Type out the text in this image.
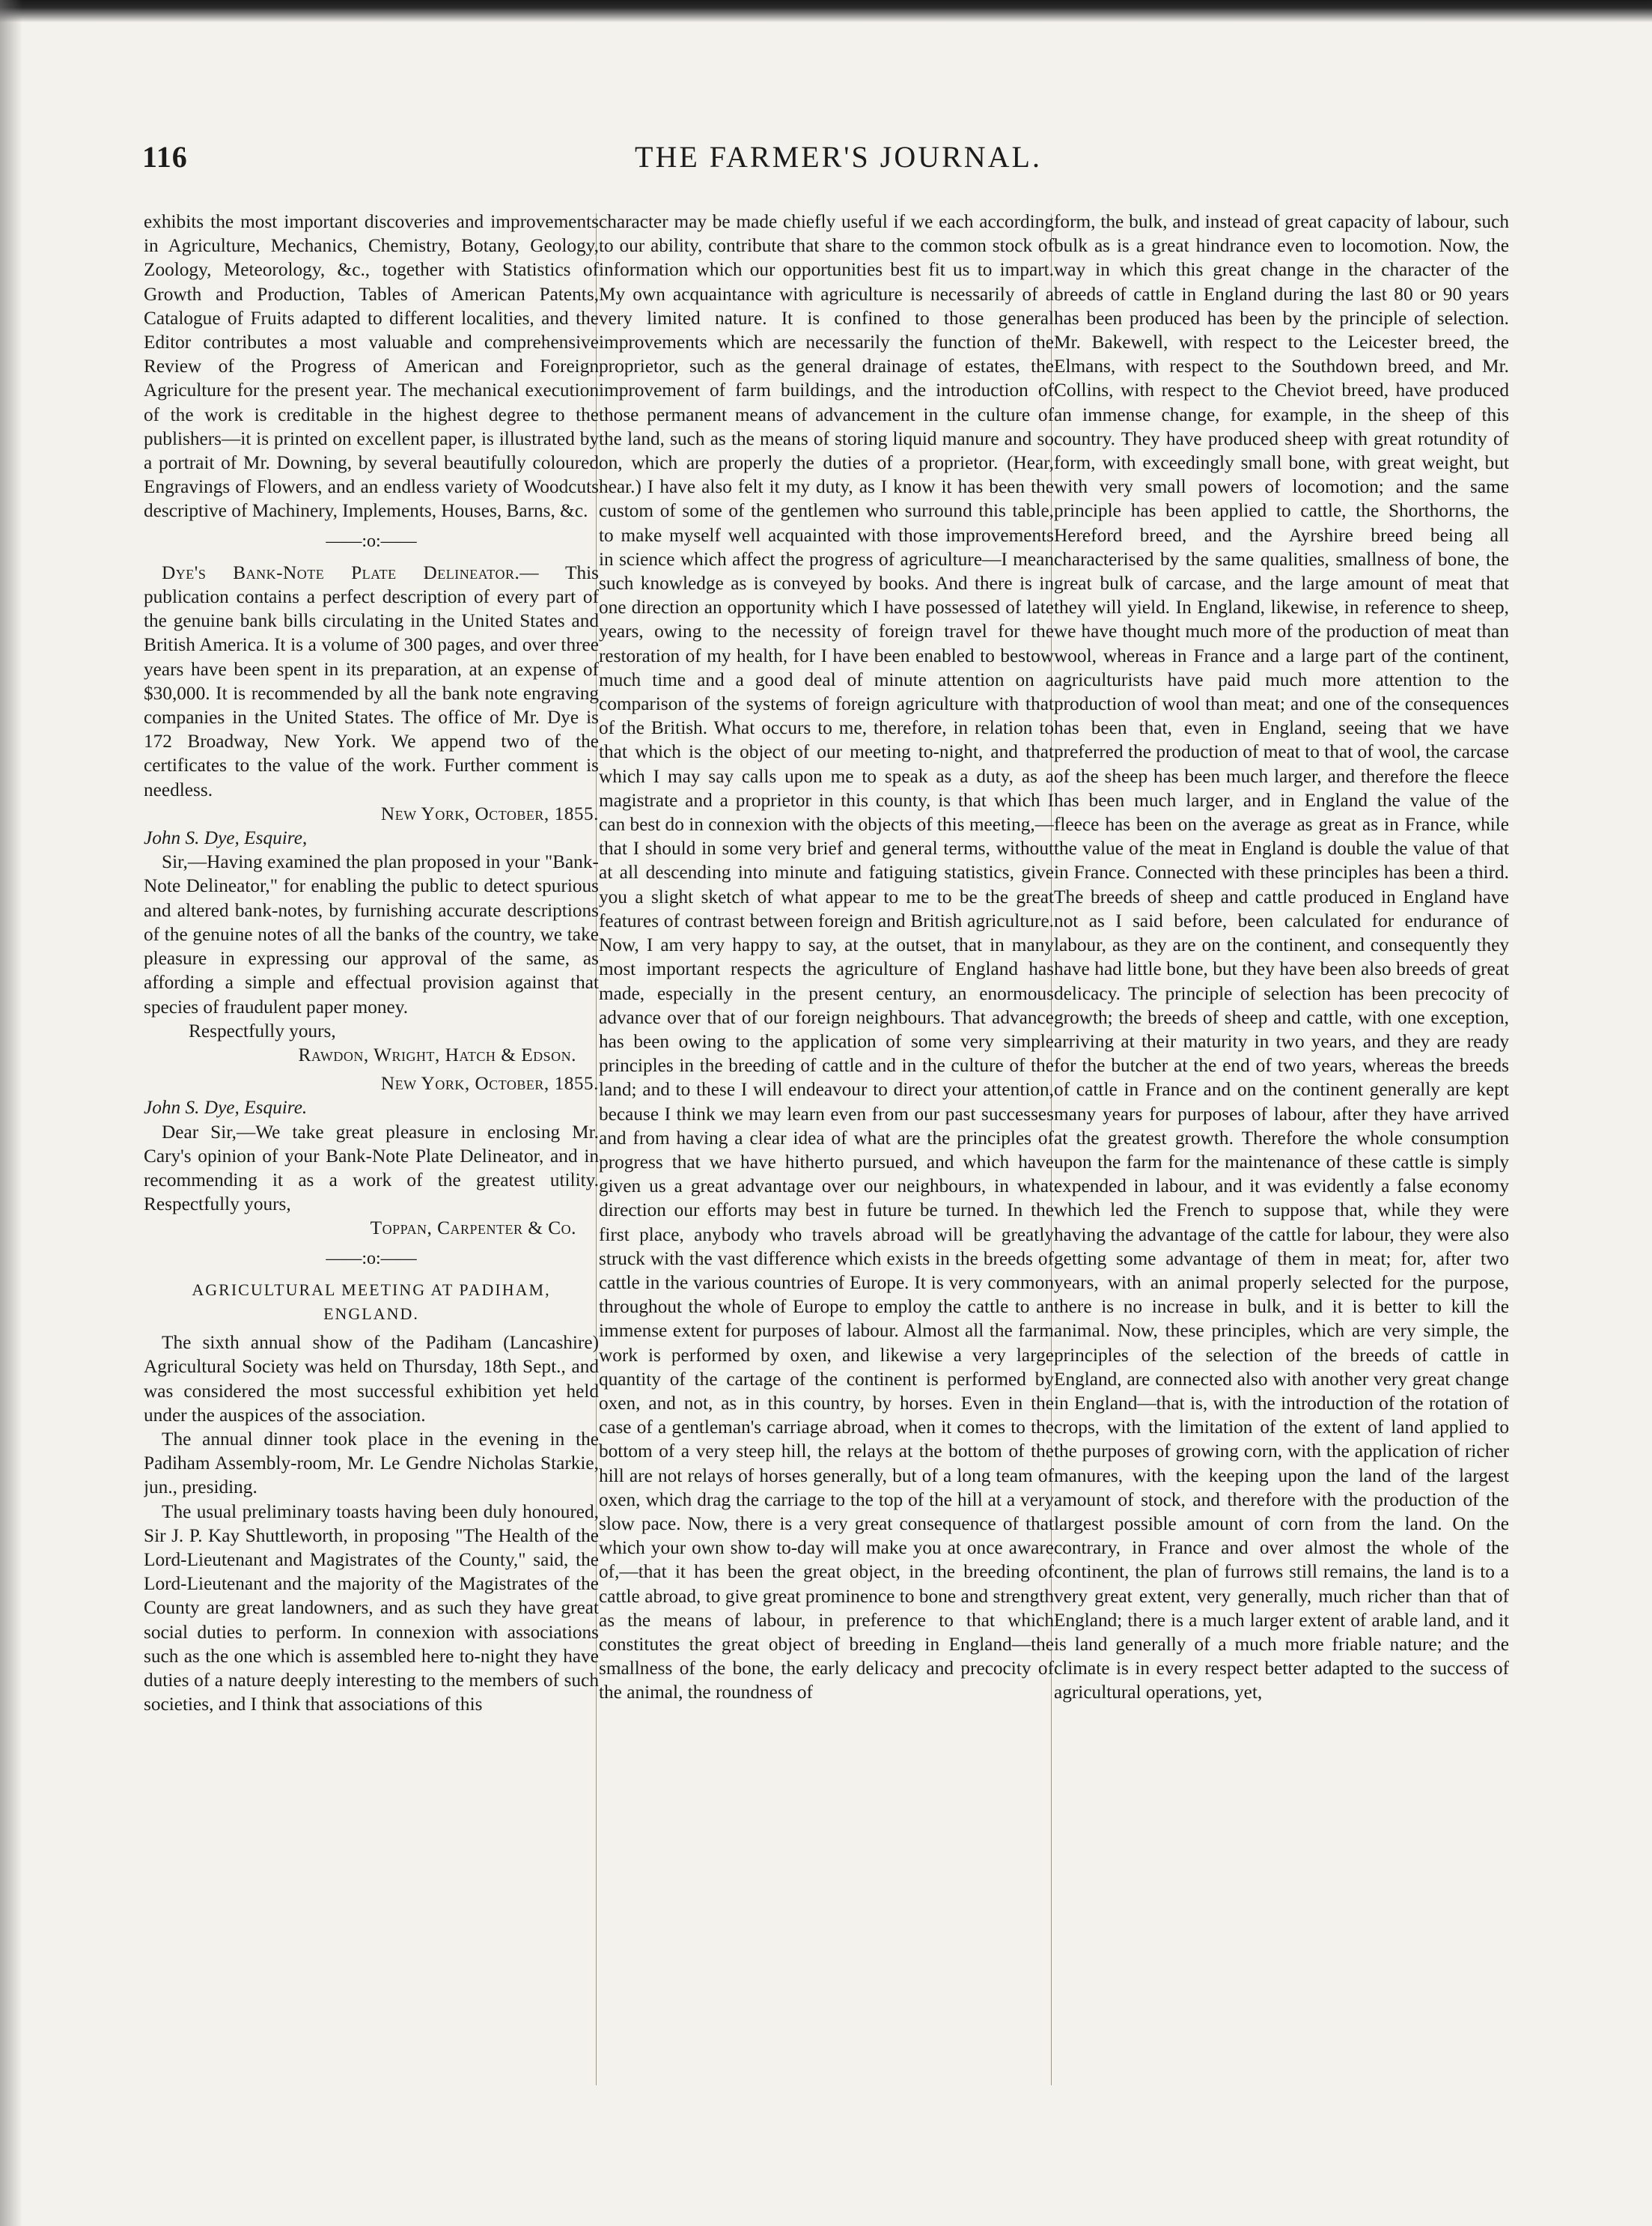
116	THE FARMER'S JOURNAL.

exhibits the most important discoveries and improvements in Agriculture, Mechanics, Chemistry, Botany, Geology, Zoology, Meteorology, &c., together with Statistics of Growth and Production, Tables of American Patents, Catalogue of Fruits adapted to different localities, and the Editor contributes a most valuable and comprehensive Review of the Progress of American and Foreign Agriculture for the present year. The mechanical execution of the work is creditable in the highest degree to the publishers—it is printed on excellent paper, is illustrated by a portrait of Mr. Downing, by several beautifully coloured Engravings of Flowers, and an endless variety of Woodcuts descriptive of Machinery, Implements, Houses, Barns, &c.

——:o:——

Dye's Bank-Note Plate Delineator.— This publication contains a perfect description of every part of the genuine bank bills circulating in the United States and British America. It is a volume of 300 pages, and over three years have been spent in its preparation, at an expense of $30,000. It is recommended by all the bank note engraving companies in the United States. The office of Mr. Dye is 172 Broadway, New York. We append two of the certificates to the value of the work. Further comment is needless.

New York, October, 1855.
John S. Dye, Esquire,

Sir,—Having examined the plan proposed in your "Bank-Note Delineator," for enabling the public to detect spurious and altered bank-notes, by furnishing accurate descriptions of the genuine notes of all the banks of the country, we take pleasure in expressing our approval of the same, as affording a simple and effectual provision against that species of fraudulent paper money.

Respectfully yours,
Rawdon, Wright, Hatch & Edson.
New York, October, 1855.
John S. Dye, Esquire.

Dear Sir,—We take great pleasure in enclosing Mr. Cary's opinion of your Bank-Note Plate Delineator, and in recommending it as a work of the greatest utility. Respectfully yours,

Toppan, Carpenter & Co.
——:o:——
AGRICULTURAL MEETING AT PADIHAM, ENGLAND.

The sixth annual show of the Padiham (Lancashire) Agricultural Society was held on Thursday, 18th Sept., and was considered the most successful exhibition yet held under the auspices of the association.

The annual dinner took place in the evening in the Padiham Assembly-room, Mr. Le Gendre Nicholas Starkie, jun., presiding.

The usual preliminary toasts having been duly honoured, Sir J. P. Kay Shuttleworth, in proposing "The Health of the Lord-Lieutenant and Magistrates of the County," said, the Lord-Lieutenant and the majority of the Magistrates of the County are great landowners, and as such they have great social duties to perform. In connexion with associations such as the one which is assembled here to-night they have duties of a nature deeply interesting to the members of such societies, and I think that associations of this

character may be made chiefly useful if we each according to our ability, contribute that share to the common stock of information which our opportunities best fit us to impart. My own acquaintance with agriculture is necessarily of a very limited nature. It is confined to those general improvements which are necessarily the function of the proprietor, such as the general drainage of estates, the improvement of farm buildings, and the introduction of those permanent means of advancement in the culture of the land, such as the means of storing liquid manure and so on, which are properly the duties of a proprietor. (Hear, hear.) I have also felt it my duty, as I know it has been the custom of some of the gentlemen who surround this table, to make myself well acquainted with those improvements in science which affect the progress of agriculture—I mean such knowledge as is conveyed by books. And there is in one direction an opportunity which I have possessed of late years, owing to the necessity of foreign travel for the restoration of my health, for I have been enabled to bestow much time and a good deal of minute attention on a comparison of the systems of foreign agriculture with that of the British. What occurs to me, therefore, in relation to that which is the object of our meeting to-night, and that which I may say calls upon me to speak as a duty, as a magistrate and a proprietor in this county, is that which I can best do in connexion with the objects of this meeting,—that I should in some very brief and general terms, without at all descending into minute and fatiguing statistics, give you a slight sketch of what appear to me to be the great features of contrast between foreign and British agriculture. Now, I am very happy to say, at the outset, that in many most important respects the agriculture of England has made, especially in the present century, an enormous advance over that of our foreign neighbours. That advance has been owing to the application of some very simple principles in the breeding of cattle and in the culture of the land; and to these I will endeavour to direct your attention, because I think we may learn even from our past successes and from having a clear idea of what are the principles of progress that we have hitherto pursued, and which have given us a great advantage over our neighbours, in what direction our efforts may best in future be turned. In the first place, anybody who travels abroad will be greatly struck with the vast difference which exists in the breeds of cattle in the various countries of Europe. It is very common throughout the whole of Europe to employ the cattle to an immense extent for purposes of labour. Almost all the farm work is performed by oxen, and likewise a very large quantity of the cartage of the continent is performed by oxen, and not, as in this country, by horses. Even in the case of a gentleman's carriage abroad, when it comes to the bottom of a very steep hill, the relays at the bottom of the hill are not relays of horses generally, but of a long team of oxen, which drag the carriage to the top of the hill at a very slow pace. Now, there is a very great consequence of that which your own show to-day will make you at once aware of,—that it has been the great object, in the breeding of cattle abroad, to give great prominence to bone and strength as the means of labour, in preference to that which constitutes the great object of breeding in England—the smallness of the bone, the early delicacy and precocity of the animal, the roundness of

form, the bulk, and instead of great capacity of labour, such bulk as is a great hindrance even to locomotion. Now, the way in which this great change in the character of the breeds of cattle in England during the last 80 or 90 years has been produced has been by the principle of selection. Mr. Bakewell, with respect to the Leicester breed, the Elmans, with respect to the Southdown breed, and Mr. Collins, with respect to the Cheviot breed, have produced an immense change, for example, in the sheep of this country. They have produced sheep with great rotundity of form, with exceedingly small bone, with great weight, but with very small powers of locomotion; and the same principle has been applied to cattle, the Shorthorns, the Hereford breed, and the Ayrshire breed being all characterised by the same qualities, smallness of bone, the great bulk of carcase, and the large amount of meat that they will yield. In England, likewise, in reference to sheep, we have thought much more of the production of meat than wool, whereas in France and a large part of the continent, agriculturists have paid much more attention to the production of wool than meat; and one of the consequences has been that, even in England, seeing that we have preferred the production of meat to that of wool, the carcase of the sheep has been much larger, and therefore the fleece has been much larger, and in England the value of the fleece has been on the average as great as in France, while the value of the meat in England is double the value of that in France. Connected with these principles has been a third. The breeds of sheep and cattle produced in England have not as I said before, been calculated for endurance of labour, as they are on the continent, and consequently they have had little bone, but they have been also breeds of great delicacy. The principle of selection has been precocity of growth; the breeds of sheep and cattle, with one exception, arriving at their maturity in two years, and they are ready for the butcher at the end of two years, whereas the breeds of cattle in France and on the continent generally are kept many years for purposes of labour, after they have arrived at the greatest growth. Therefore the whole consumption upon the farm for the maintenance of these cattle is simply expended in labour, and it was evidently a false economy which led the French to suppose that, while they were having the advantage of the cattle for labour, they were also getting some advantage of them in meat; for, after two years, with an animal properly selected for the purpose, there is no increase in bulk, and it is better to kill the animal. Now, these principles, which are very simple, the principles of the selection of the breeds of cattle in England, are connected also with another very great change in England—that is, with the introduction of the rotation of crops, with the limitation of the extent of land applied to the purposes of growing corn, with the application of richer manures, with the keeping upon the land of the largest amount of stock, and therefore with the production of the largest possible amount of corn from the land. On the contrary, in France and over almost the whole of the continent, the plan of furrows still remains, the land is to a very great extent, very generally, much richer than that of England; there is a much larger extent of arable land, and it is land generally of a much more friable nature; and the climate is in every respect better adapted to the success of agricultural operations, yet,
